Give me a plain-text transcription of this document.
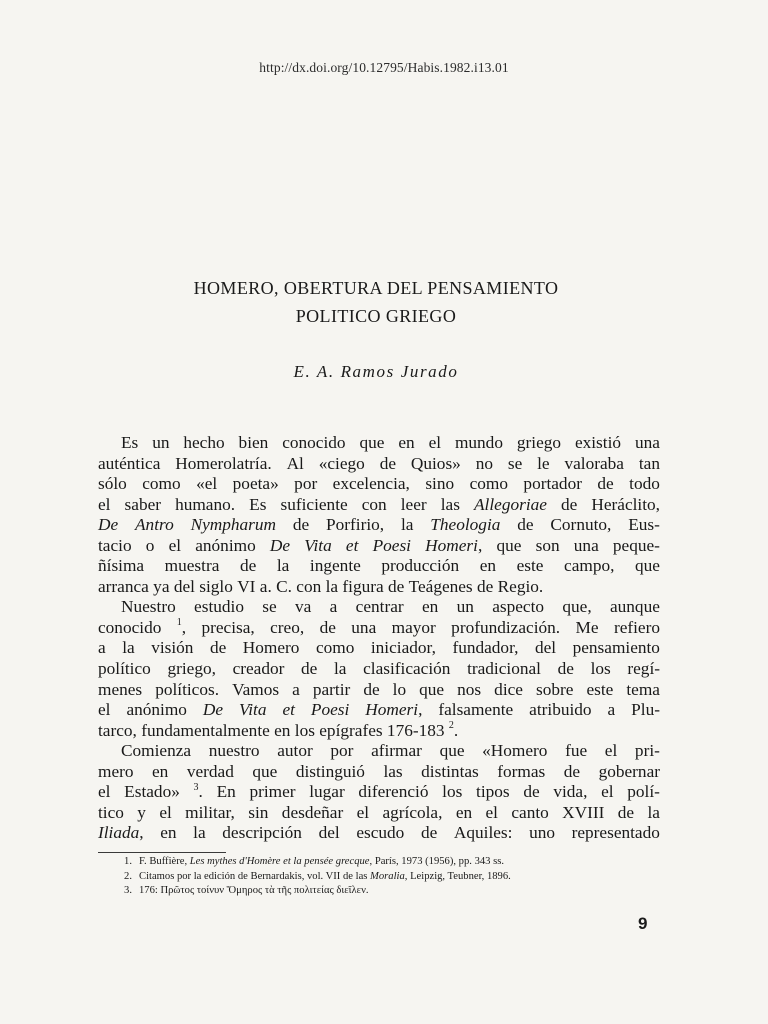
http://dx.doi.org/10.12795/Habis.1982.i13.01
HOMERO, OBERTURA DEL PENSAMIENTO
POLITICO GRIEGO
E. A. Ramos Jurado
Es un hecho bien conocido que en el mundo griego existió una
auténtica Homerolatría. Al «ciego de Quios» no se le valoraba tan
sólo como «el poeta» por excelencia, sino como portador de todo
el saber humano. Es suficiente con leer las Allegoriae de Heráclito,
De Antro Nympharum de Porfirio, la Theologia de Cornuto, Eus-
tacio o el anónimo De Vita et Poesi Homeri, que son una peque-
ñísima muestra de la ingente producción en este campo, que
arranca ya del siglo VI a. C. con la figura de Teágenes de Regio.
Nuestro estudio se va a centrar en un aspecto que, aunque
conocido $^1$, precisa, creo, de una mayor profundización. Me refiero
a la visión de Homero como iniciador, fundador, del pensamiento
político griego, creador de la clasificación tradicional de los regí-
menes políticos. Vamos a partir de lo que nos dice sobre este tema
el anónimo De Vita et Poesi Homeri, falsamente atribuido a Plu-
tarco, fundamentalmente en los epígrafes 176-183 $^2$.
Comienza nuestro autor por afirmar que «Homero fue el pri-
mero en verdad que distinguió las distintas formas de gobernar
el Estado» $^3$. En primer lugar diferenció los tipos de vida, el polí-
tico y el militar, sin desdeñar el agrícola, en el canto XVIII de la
Iliada, en la descripción del escudo de Aquiles: uno representado
1. F. Buffière, Les mythes d'Homère et la pensée grecque, París, 1973 (1956), pp. 343 ss.
2. Citamos por la edición de Bernardakis, vol. VII de las Moralia, Leipzig, Teubner, 1896.
3. 176: Πρῶτος τοίνυν Ὅμηρος τὰ τῆς πολιτείας διεῖλεν.
9
